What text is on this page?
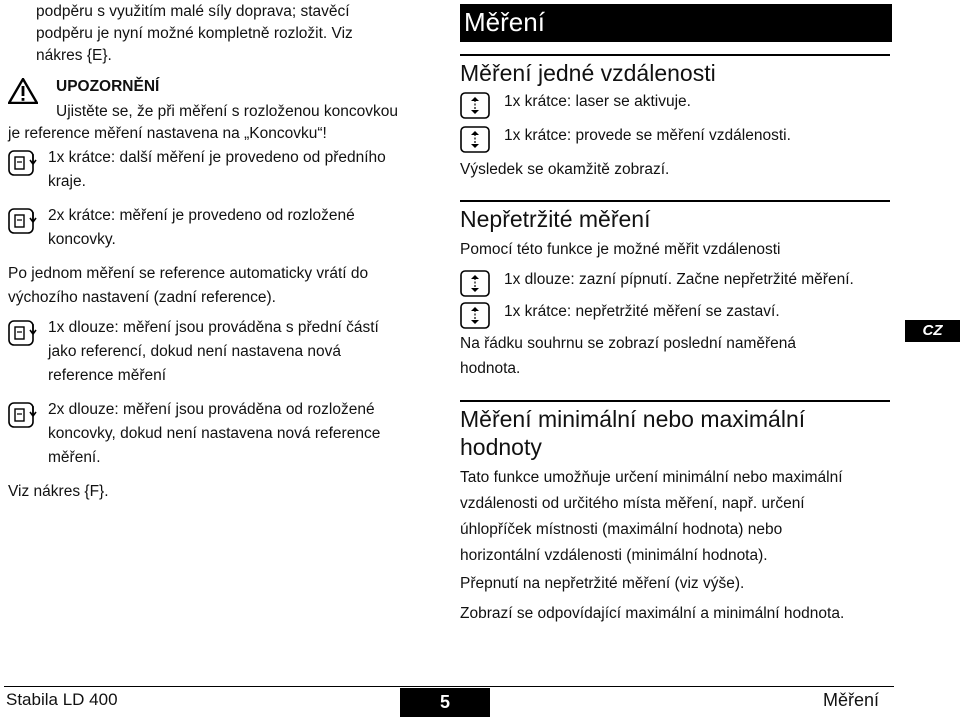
podpěru s využitím malé síly doprava; stavěcí

podpěru je nyní možné kompletně rozložit. Viz

nákres {E}.

UPOZORNĚNÍ
Ujistěte se, že při měření s rozloženou koncovkou
je reference měření nastavena na „Koncovku“!
1x krátce: další měření je provedeno od předního
kraje.
2x krátce: měření je provedeno od rozložené
koncovky.

Po jednom měření se reference automaticky vrátí do

výchozího nastavení (zadní reference).

1x dlouze: měření jsou prováděna s přední částí
jako referencí, dokud není nastavena nová
reference měření
2x dlouze: měření jsou prováděna od rozložené
koncovky, dokud není nastavena nová reference
měření.

Viz nákres {F}.

Měření
Měření jedné vzdálenosti
1x krátce: laser se aktivuje.
1x krátce: provede se měření vzdálenosti.

Výsledek se okamžitě zobrazí.

Nepřetržité měření

Pomocí této funkce je možné měřit vzdálenosti

1x dlouze: zazní pípnutí. Začne nepřetržité měření.
1x krátce: nepřetržité měření se zastaví.

Na řádku souhrnu se zobrazí poslední naměřená

hodnota.

Měření minimální nebo maximální
hodnoty

Tato funkce umožňuje určení minimální nebo maximální

vzdálenosti od určitého místa měření, např. určení

úhlopříček místnosti (maximální hodnota) nebo

horizontální vzdálenosti (minimální hodnota).

Přepnutí na nepřetržité měření (viz výše).

Zobrazí se odpovídající maximální a minimální hodnota.

CZ
Stabila LD 400	5	Měření
